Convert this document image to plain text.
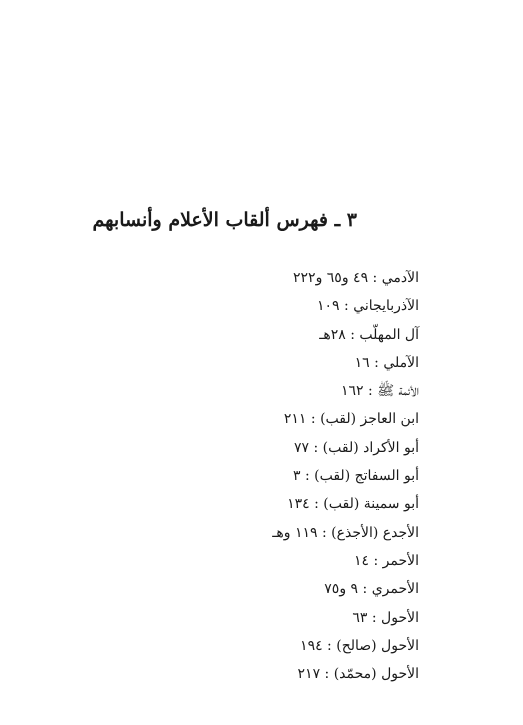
٣ ـ فهرس ألقاب الأعلام وأنسابهم
الآدمي : ٤٩ و٦٥ و٢٢٢
الآذربايجاني : ١٠٩
آل المهلّب : ٢٨هـ
الآملي : ١٦
الأئمة ﷺ : ١٦٢
ابن العاجز (لقب) : ٢١١
أبو الأكراد (لقب) : ٧٧
أبو السفاتج (لقب) : ٣
أبو سمينة (لقب) : ١٣٤
الأجدع (الأجذع) : ١١٩ وهـ
الأحمر : ١٤
الأحمري : ٩ و٧٥
الأحول : ٦٣
الأحول (صالح) : ١٩٤
الأحول (محمّد) : ٢١٧
